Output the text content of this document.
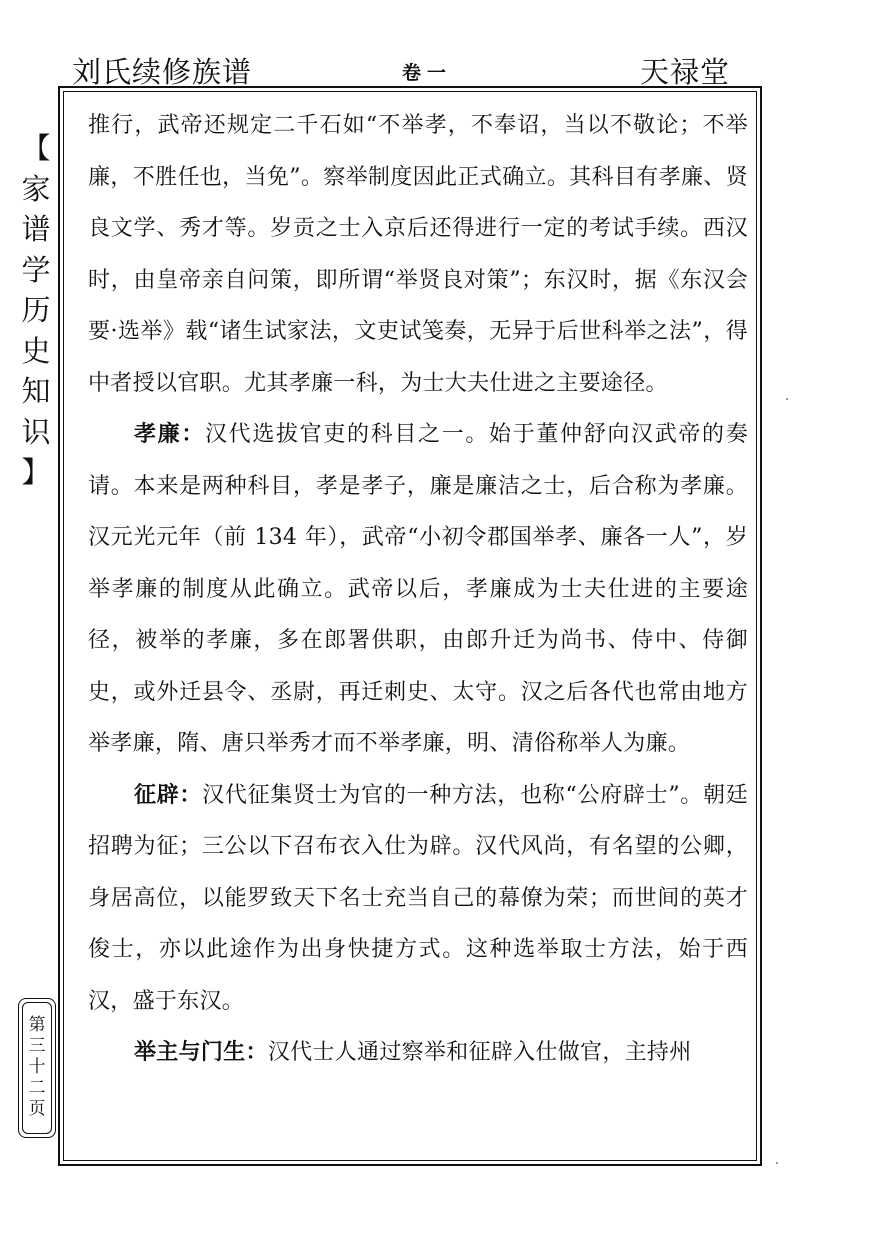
刘氏续修族谱	卷一	天禄堂
【
家
谱
学
历
史
知
识
】
第
三
十
二
页

推行，武帝还规定二千石如“不举孝，不奉诏，当以不敬论；不举廉，不胜任也，当免”。察举制度因此正式确立。其科目有孝廉、贤良文学、秀才等。岁贡之士入京后还得进行一定的考试手续。西汉时，由皇帝亲自问策，即所谓“举贤良对策”；东汉时，据《东汉会要·选举》载“诸生试家法，文吏试笺奏，无异于后世科举之法”，得中者授以官职。尤其孝廉一科，为士大夫仕进之主要途径。

孝廉：汉代选拔官吏的科目之一。始于董仲舒向汉武帝的奏请。本来是两种科目，孝是孝子，廉是廉洁之士，后合称为孝廉。汉元光元年（前 134 年），武帝“小初令郡国举孝、廉各一人”，岁举孝廉的制度从此确立。武帝以后，孝廉成为士夫仕进的主要途径，被举的孝廉，多在郎署供职，由郎升迁为尚书、侍中、侍御史，或外迁县令、丞尉，再迁刺史、太守。汉之后各代也常由地方举孝廉，隋、唐只举秀才而不举孝廉，明、清俗称举人为廉。

征辟：汉代征集贤士为官的一种方法，也称“公府辟士”。朝廷招聘为征；三公以下召布衣入仕为辟。汉代风尚，有名望的公卿，身居高位，以能罗致天下名士充当自己的幕僚为荣；而世间的英才俊士，亦以此途作为出身快捷方式。这种选举取士方法，始于西汉，盛于东汉。

举主与门生：汉代士人通过察举和征辟入仕做官，主持州
